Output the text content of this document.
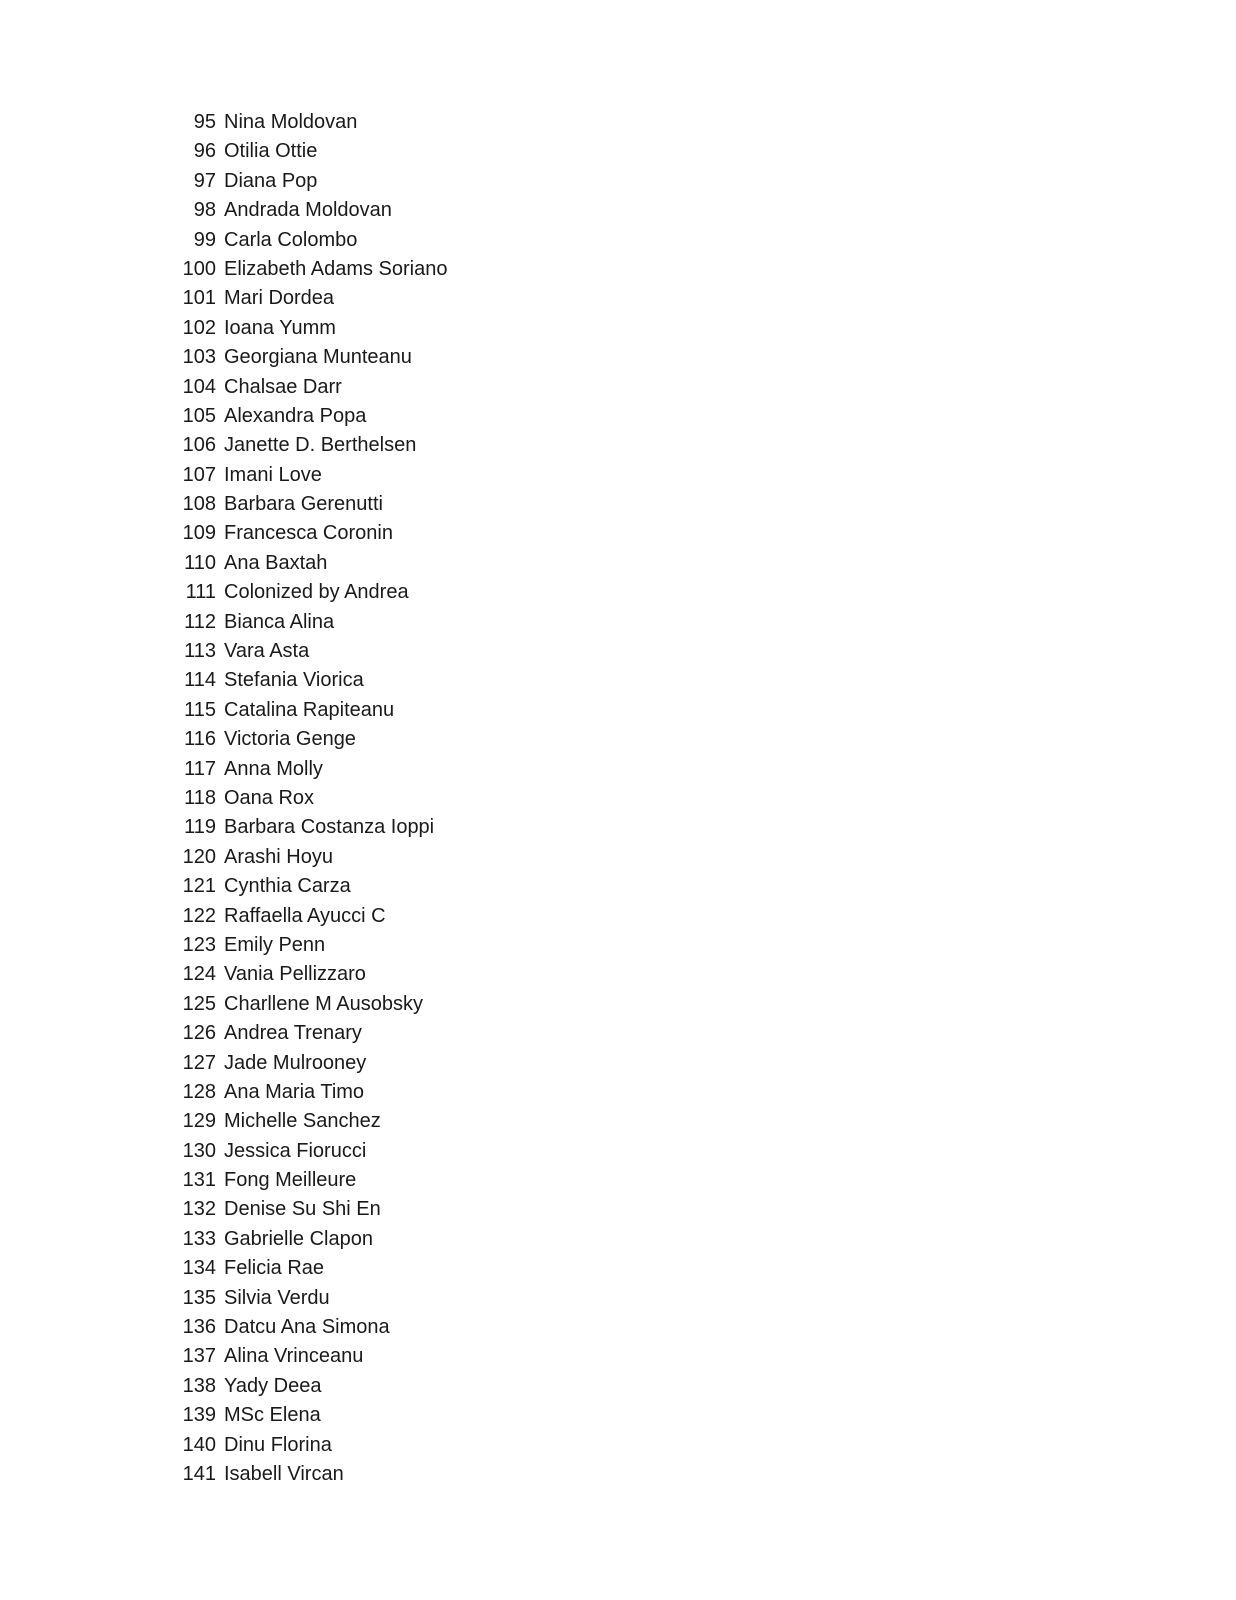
95 Nina Moldovan
96 Otilia Ottie
97 Diana Pop
98 Andrada Moldovan
99 Carla Colombo
100 Elizabeth Adams Soriano
101 Mari Dordea
102 Ioana Yumm
103 Georgiana Munteanu
104 Chalsae Darr
105 Alexandra Popa
106 Janette D. Berthelsen
107 Imani Love
108 Barbara Gerenutti
109 Francesca Coronin
110 Ana Baxtah
111 Colonized by Andrea
112 Bianca Alina
113 Vara Asta
114 Stefania Viorica
115 Catalina Rapiteanu
116 Victoria Genge
117 Anna Molly
118 Oana Rox
119 Barbara Costanza Ioppi
120 Arashi Hoyu
121 Cynthia Carza
122 Raffaella Ayucci C
123 Emily Penn
124 Vania Pellizzaro
125 Charllene M Ausobsky
126 Andrea Trenary
127 Jade Mulrooney
128 Ana Maria Timo
129 Michelle Sanchez
130 Jessica Fiorucci
131 Fong Meilleure
132 Denise Su Shi En
133 Gabrielle Clapon
134 Felicia Rae
135 Silvia Verdu
136 Datcu Ana Simona
137 Alina Vrinceanu
138 Yady Deea
139 MSc Elena
140 Dinu Florina
141 Isabell Vircan
